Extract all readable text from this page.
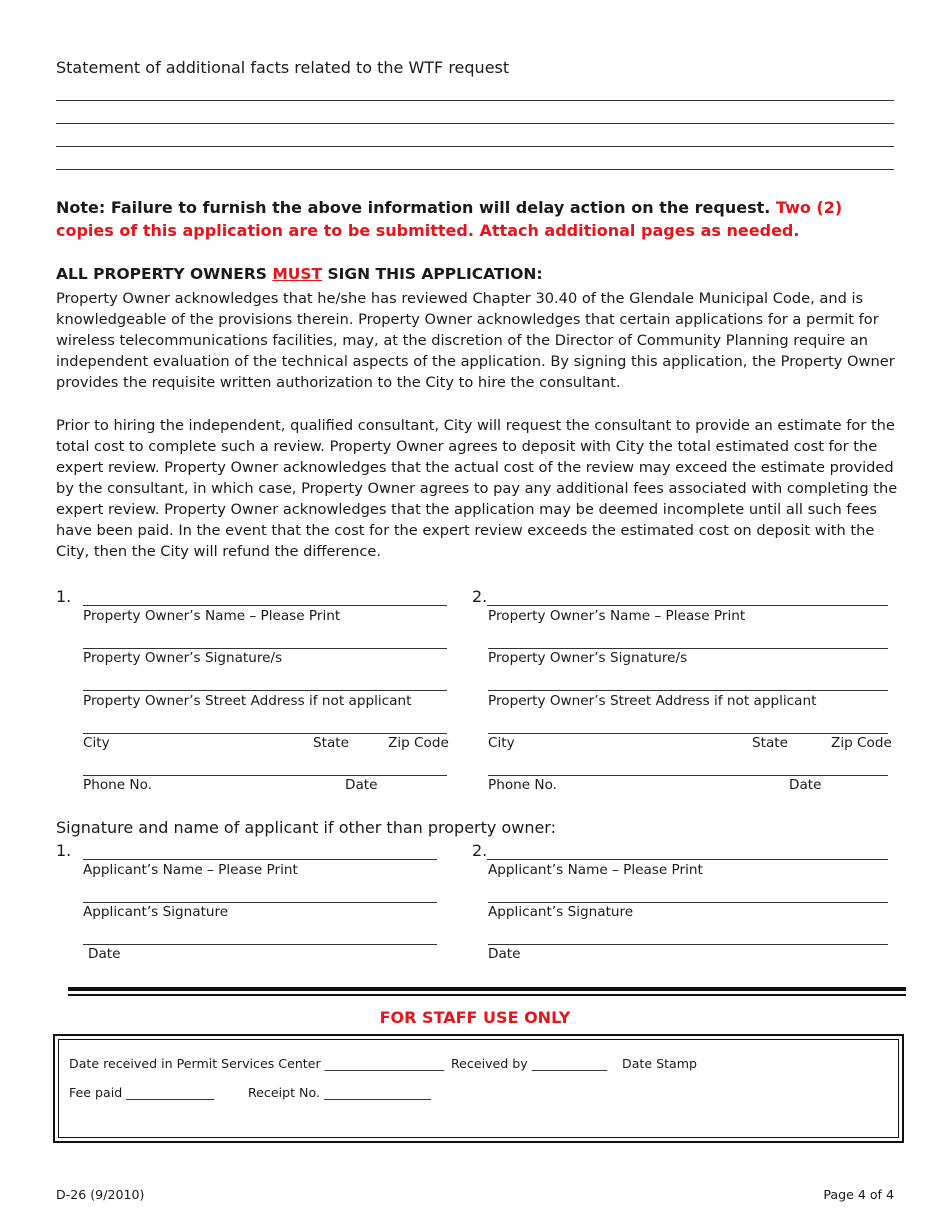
Statement of additional facts related to the WTF request
Note: Failure to furnish the above information will delay action on the request. Two (2) copies of this application are to be submitted. Attach additional pages as needed.
ALL PROPERTY OWNERS MUST SIGN THIS APPLICATION:
Property Owner acknowledges that he/she has reviewed Chapter 30.40 of the Glendale Municipal Code, and is knowledgeable of the provisions therein. Property Owner acknowledges that certain applications for a permit for wireless telecommunications facilities, may, at the discretion of the Director of Community Planning require an independent evaluation of the technical aspects of the application. By signing this application, the Property Owner provides the requisite written authorization to the City to hire the consultant.
Prior to hiring the independent, qualified consultant, City will request the consultant to provide an estimate for the total cost to complete such a review. Property Owner agrees to deposit with City the total estimated cost for the expert review. Property Owner acknowledges that the actual cost of the review may exceed the estimate provided by the consultant, in which case, Property Owner agrees to pay any additional fees associated with completing the expert review. Property Owner acknowledges that the application may be deemed incomplete until all such fees have been paid. In the event that the cost for the expert review exceeds the estimated cost on deposit with the City, then the City will refund the difference.
1.
Property Owner’s Name – Please Print
Property Owner’s Signature/s
Property Owner’s Street Address if not applicant
City	State	Zip Code
Phone No.	Date
2.
Property Owner’s Name – Please Print
Property Owner’s Signature/s
Property Owner’s Street Address if not applicant
City	State	Zip Code
Phone No.	Date
Signature and name of applicant if other than property owner:
1.
Applicant’s Name – Please Print
Applicant’s Signature
Date
2.
Applicant’s Name – Please Print
Applicant’s Signature
Date
FOR STAFF USE ONLY
Date received in Permit Services Center ___________________ Received by ____________ Date Stamp
Fee paid ______________	Receipt No. _________________
D-26 (9/2010)	Page 4 of 4
